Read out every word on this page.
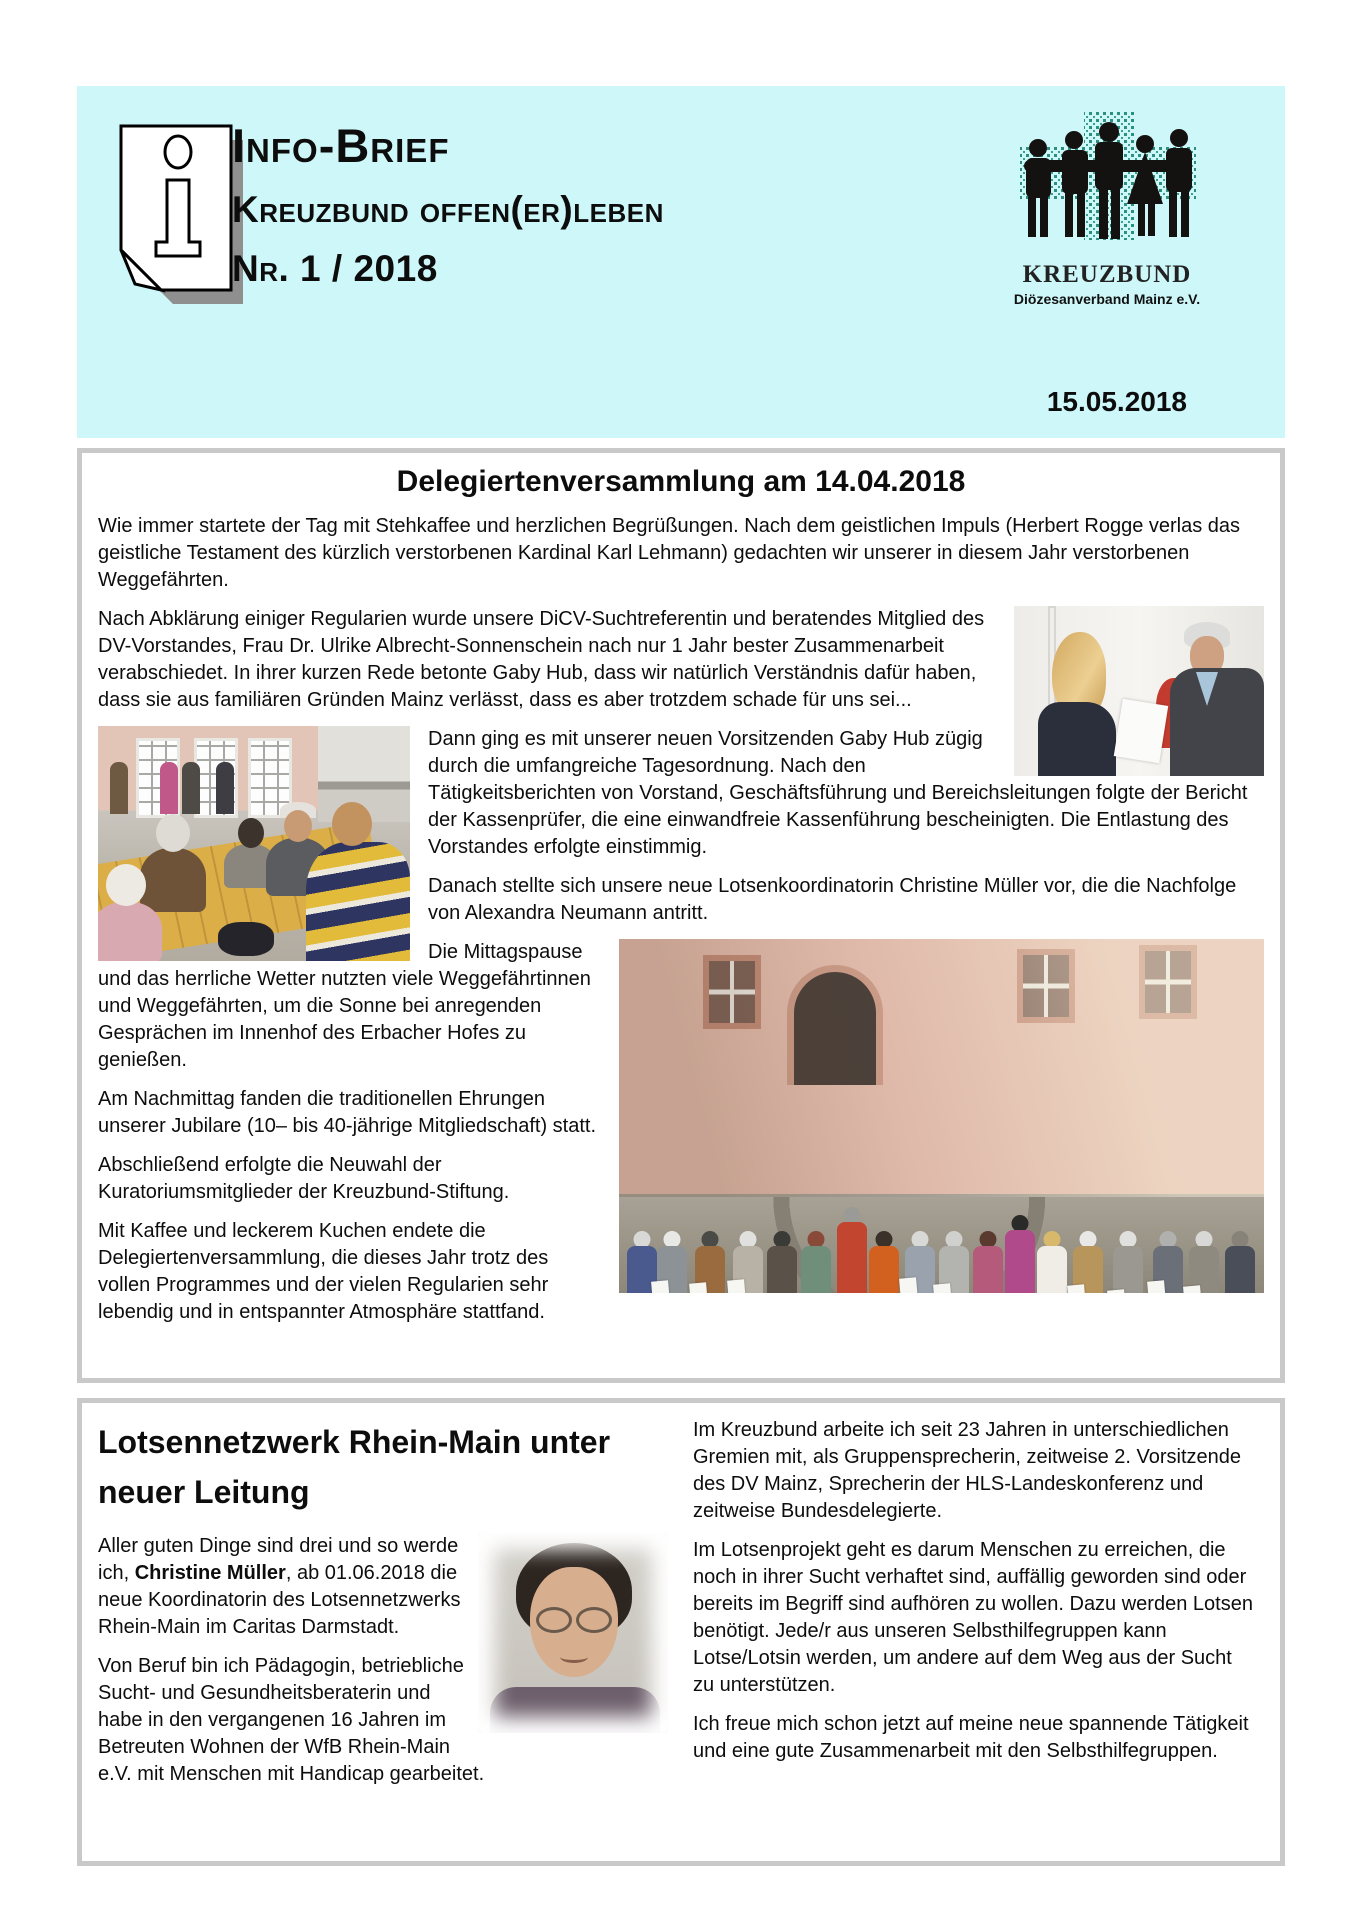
Info-Brief
Kreuzbund offen(er)leben
Nr. 1 / 2018	KREUZBUND
Diözesanverband Mainz e.V.
15.05.2018
Delegiertenversammlung am 14.04.2018
Wie immer startete der Tag mit Stehkaffee und herzlichen Begrüßungen. Nach dem geistlichen Impuls (Herbert Rogge verlas das geistliche Testament des kürzlich verstorbenen Kardinal Karl Lehmann) gedachten wir unserer in diesem Jahr verstorbenen Weggefährten.
Nach Abklärung einiger Regularien wurde unsere DiCV-Suchtreferentin und beratendes Mitglied des DV-Vorstandes, Frau Dr. Ulrike Albrecht-Sonnenschein nach nur 1 Jahr bester Zusammenarbeit verabschiedet. In ihrer kurzen Rede betonte Gaby Hub, dass wir natürlich Verständnis dafür haben, dass sie aus familiären Gründen Mainz verlässt, dass es aber trotzdem schade für uns sei...
Dann ging es mit unserer neuen Vorsitzenden Gaby Hub zügig durch die umfangreiche Tagesordnung. Nach den Tätigkeitsberichten von Vorstand, Geschäftsführung und Bereichsleitungen folgte der Bericht der Kassenprüfer, die eine einwandfreie Kassenführung bescheinigten. Die Entlastung des Vorstandes erfolgte einstimmig.
Danach stellte sich unsere neue Lotsenkoordinatorin Christine Müller vor, die die Nachfolge von Alexandra Neumann antritt.
Die Mittagspause und das herrliche Wetter nutzten viele Weggefährtinnen und Weggefährten, um die Sonne bei anregenden Gesprächen im Innenhof des Erbacher Hofes zu genießen.
Am Nachmittag fanden die traditionellen Ehrungen unserer Jubilare (10– bis 40-jährige Mitgliedschaft) statt.
Abschließend erfolgte die Neuwahl der Kuratoriumsmitglieder der Kreuzbund-Stiftung.
Mit Kaffee und leckerem Kuchen endete die Delegiertenversammlung, die dieses Jahr trotz des vollen Programmes und der vielen Regularien sehr lebendig und in entspannter Atmosphäre stattfand.
Lotsennetzwerk Rhein-Main unter neuer Leitung
Aller guten Dinge sind drei und so werde ich, Christine Müller, ab 01.06.2018 die neue Koordinatorin des Lotsennetzwerks Rhein-Main im Caritas Darmstadt.
Von Beruf bin ich Pädagogin, betriebliche Sucht- und Gesundheitsberaterin und habe in den vergangenen 16 Jahren im Betreuten Wohnen der WfB Rhein-Main e.V. mit Menschen mit Handicap gearbeitet.
Im Kreuzbund arbeite ich seit 23 Jahren in unterschiedlichen Gremien mit, als Gruppensprecherin, zeitweise 2. Vorsitzende des DV Mainz, Sprecherin der HLS-Landeskonferenz und zeitweise Bundesdelegierte.
Im Lotsenprojekt geht es darum Menschen zu erreichen, die noch in ihrer Sucht verhaftet sind, auffällig geworden sind oder bereits im Begriff sind aufhören zu wollen. Dazu werden Lotsen benötigt. Jede/r aus unseren Selbsthilfegruppen kann Lotse/Lotsin werden, um andere auf dem Weg aus der Sucht zu unterstützen.
Ich freue mich schon jetzt auf meine neue spannende Tätigkeit und eine gute Zusammenarbeit mit den Selbsthilfegruppen.
